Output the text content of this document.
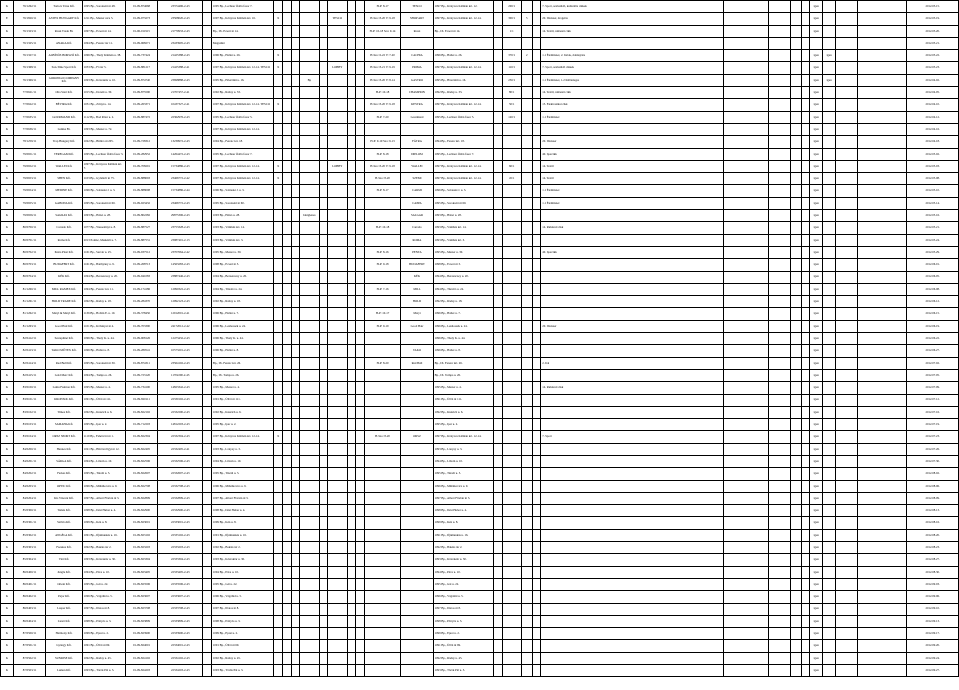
K	76/1262/11	Tom és Társa Kft.	1095 Bp., Soroksári út 48.	01-09-874668	23374496-2-43		1095 Bp., Lechner Ödön fasor 7.									H-P: 8-17	TESCO	1097 Bp., Könyves Kálmán krt. 12.		200/1			7. Sport, szabadidő, kulturális cikkek					igen				2012.03.15.
E	76/1820/11	ASTEX HUNGARY Kft.	1211 Bp., Mester utca 5.	01-09-973273	23508020-2-43		1097 Bp., Könyves Kálmán krt. 16.	X					TESCO			H-Szo: 8-20 V: 9-18	SHOP ART	1097 Bp., Könyves Kálmán krt. 12-14.		300/1	5		20. Illatszer, drogéria					igen				2012.03.19.
K	76/1323/11	Rossi Trade Bt.	1097 Bp., Ecseri út 14.	01-06-011915	21770933-2-43		Bp., IX. Ecseri út 14.									H-P: 10-18 Szo: 9-14	Rossi	Bp., IX. Ecseri út 14.		1/1			14. Textil, ruházati cikk					igen				2012.03.20.
K	76/1325/11	ANAKA Kft.	1094 Bp., Ferenc tér 11.	01-09-968271	23433905-2-43		Megszűnt																									2012.03.21.
K	76/1327/11	ALBÍNÓS BORSZÓ Kft.	1096 Bp., Thaly Kálmán u. 38.	01-09-737424	21425388-2-43		1096 Bp., Haller u. 26.	X								H-Szo: 6-22 V: 7-20	CACHIA	1096 Bp., Haller u. 26.		370/1	2		1.1 Élelmiszer, 2. Italok, dohányáru					igen	igen			2012.03.22.
K	76/1368/11	Sun-Time Sport Kft.	1033 Bp., Fő tér 5.	01-09-881217	21425388-2-41		1097 Bp., Könyves Kálmán krt. 12-14. TESCO	X					LOBBY			H-Szo: 8-21 V: 9-19	PRIMA	1097 Bp., Könyves Kálmán krt. 12-14.		110/1			7. Sport, szabadidő cikkek					igen				2012.03.23.
K	76/1369/11	GORONGO COMPANY Kft.	1093 Bp., Közraktár u. 10.	01-09-874740	23698888-2-43		1095 Bp., Hőerőmű u. 16.				Bp					H-Szo: 8-20 V: 8-14	GASTRO	1095 Bp., Hőerőmű u. 16.		250/1			1.1 Élelmiszer, 1.2 Különleges					igen	igen			2012.04.02.
K	77/0621/11	Oba Start Kft.	1015 Bp., Donáti u. 30.	01-09-875590	21707457-2-41		1092 Bp., Ráday u. 33.									H-P: 10-18	CHAMPION	1092 Bp., Ráday u. 33.		80/1			14. Textil, ruházati cikk					igen				2012.04.05.
K	77/0622/11	BÉVIRA Kft.	1051 Bp., Zrínyi u. 14.	01-09-263371	10437327-2-41		1097 Bp., Könyves Kálmán krt. 12-14. TESCO	X								H-Szo: 8-20 V: 9-18	KESTRA	1097 Bp., Könyves Kálmán krt. 12-14.		50/1			15. Elektronikai cikk					igen				2012.04.10.
K	77/0635/11	GOURMAND Kft.	1112 Bp., Bod Péter u. 2.	01-09-887472	22362976-2-43		1095 Bp., Lechner Ödön fasor 5.									H-P: 7-20	Gourmand	1095 Bp., Lechner Ödön fasor 5.		120/1			1.1 Élelmiszer					igen				2012.04.12.
K	77/0636/11	Lumka Bt.	1093 Bp., Mester u. 72.				1097 Bp., Könyves Kálmán krt. 12-14.																					igen				2012.04.16.
K	78/1259/11	Trap Hungary Kft.	1022 Bp., Bimbó út 205.	01-09-728312	13239972-2-43		1094 Bp., Ferenc krt. 18.									H-P: 9-19 Szo: 9-13	FÁTRA	1094 Bp., Ferenc krt. 18.					20. Illatszer					igen				2012.04.18.
K	79/0651/11	TEREGAM Kft.	1095 Bp., Lechner Ödön fasor 3.	01-09-282952	14264472-2-43		1095 Bp., Lechner Ödön fasor 7.									H-P: 8-18	DIPLOM	1095 Bp., Lechner Ödön fasor 7.					40. Iparcikk					igen				2012.05.02.
K	79/0652/11	WALLEI Kft.	1097 Bp., Könyves Kálmán krt. 7.	01-09-708291	15734886-2-43		1097 Bp., Könyves Kálmán krt. 12-14.	X					LOBBY			H-Szo: 8-20 V: 9-18	WALLEI	1097 Bp., Könyves Kálmán krt. 12-14.		60/1			14. Textil					igen				2012.05.03.
K	79/0653/11	SHEN Kft.	1103 Bp., Gyömrői út 75.	01-09-888093	23466772-2-42		1097 Bp., Könyves Kálmán krt. 12-14.	X								H-Szo: 8-20	SZEMI	1097 Bp., Könyves Kálmán krt. 12-14.		45/1			14. Textil					igen				2012.05.08.
K	79/0654/11	MEDINE Kft.	1096 Bp., Sobieski J. u. 3.	01-09-888098	15734886-2-44		1096 Bp., Sobieski J. u. 3.									H-P: 8-17	CARMI	1096 Bp., Sobieski J. u. 3.					1.1 Élelmiszer					igen				2012.05.10.
K	79/0655/11	GABONA Kft.	1095 Bp., Soroksári út 60.	01-09-923432	23466772-2-43		1095 Bp., Soroksári út 60.										CAPPA	1095 Bp., Soroksári út 60.					1.1 Élelmiszer					igen				2012.05.14.
K	79/0656/11	SAGRAS Kft.	1093 Bp., Hátsó u. 28.	01-09-802282	29875306-2-43		1093 Bp., Hátsó u. 28.				Ideiglenes						SALGAR	1093 Bp., Hátsó u. 28.										igen				2012.05.16.
K	80/0700/11	Carrado Kft.	1077 Bp., Wesselényi u. 8.	01-09-887527	23753328-2-43		1093 Bp., Vámház krt. 14.									H-P: 10-18	Carrado	1093 Bp., Vámház krt. 14.					14. Ruházati cikk					igen				2012.05.21.
K	80/0701/11	Roma Kft.	2013 Pomáz, Muskátli u. 7.	01-09-887531	23987401-2-13		1093 Bp., Vámház krt. 3.										ROMA	1093 Bp., Vámház krt. 3.										igen				2012.05.24.
K	80/0702/11	Penta Plast Kft.	1161 Bp., Sasvár u. 25.	01-09-937512	23707664-2-42		1095 Bp., Mester u. 30.									H-P: 8-16	PENTA	1095 Bp., Mester u. 30.					40. Iparcikk					igen				2012.05.29.
K	80/0703/11	BUDAFERT Kft.	1161 Bp., Batthyány u. 9.	01-09-268713	14563283-2-43		1098 Bp., Ecseri út 3.									H-P: 9-18	BUDAFERT	1098 Bp., Ecseri út 3.										igen				2012.06.01.
K	80/0704/11	KÉK Kft.	1094 Bp., Berzenczey u. 20.	01-09-941083	23887446-2-43		1094 Bp., Berzenczey u. 20.										KÉK	1094 Bp., Berzenczey u. 20.										igen				2012.06.05.
K	81/1260/11	MILL RAMEX Kft.	1094 Bp., Ferenc krt. 11.	01-09-174186	12990322-2-43		1094 Bp., Tűzoltó u. 24.									H-P: 7-16	MILL	1094 Bp., Tűzoltó u. 24.										igen				2012.06.08.
K	81/1261/11	HOLD TRADE Kft.	1092 Bp., Ráday u. 18.	01-09-284370	12992123-2-43		1092 Bp., Ráday u. 18.										HOLD	1092 Bp., Ráday u. 18.										igen				2012.06.12.
K	81/1262/11	Matyi & Matyi Kft.	1136 Bp., Hollán E. u. 10.	01-09-378450	12912001-2-41		1096 Bp., Haller u. 7.									H-P: 10-17	Matyi	1096 Bp., Haller u. 7.										igen				2012.06.15.
K	81/1263/11	Good Hair Kft.	1101 Bp., Kőbányai út 4.	01-09-703390	24172012-2-42		1096 Bp., Lenhossék u. 24.									H-P: 9-19	Good Hair	1096 Bp., Lenhossék u. 24.					20. Illatszer					igen				2012.06.19.
K	82/0412/11	Szeraphiné Kft.	1096 Bp., Thaly K. u. 44.	01-09-908126	12473432-2-43		1096 Bp., Thaly K. u. 44.											1096 Bp., Thaly K. u. 44.										igen				2012.06.22.
K	82/0413/11	TAKO MŰTEX Kft.	1096 Bp., Haller u. 8.	01-09-280541	10573201-2-43		1096 Bp., Haller u. 8.										TAKO	1096 Bp., Haller u. 8.										igen				2012.06.27.
K	82/0414/11	Red Bull Kft.	1095 Bp., Soroksári út 30.	01-09-874311	23564102-2-43		Bp., IX. Ferenc krt. 26.									H-P: 8-20	Red Bull	Bp., IX. Ferenc krt. 26.					2. Ital					igen				2012.07.02.
K	82/0415/11	Gold Merc Kft.	1094 Bp., Tompa u. 26.	01-09-723120	11702200-2-43		Bp., IX. Tompa u. 26.											Bp., IX. Tompa u. 26.										igen				2012.07.05.
K	83/0100/11	Lamu Fashion Kft.	1095 Bp., Mester u. 4.	01-09-734100	14823342-2-43		1095 Bp., Mester u. 4.											1095 Bp., Mester u. 4.					14. Ruházati cikk					igen				2012.07.09.
K	83/0101/11	KRONSOL Kft.	1091 Bp., Üllői út 111.	01-09-820111	22330102-2-43		1091 Bp., Üllői út 111.											1091 Bp., Üllői út 111.										igen				2012.07.12.
K	83/0102/11	Tímea Kft.	1092 Bp., Knézich u. 6.	01-09-822102	22332200-2-43		1092 Bp., Knézich u. 6.											1092 Bp., Knézich u. 6.										igen				2012.07.16.
K	83/0103/11	SAMAHA Kft.	1095 Bp., Ipar u. 2.	01-09-712203	14812203-2-43		1095 Bp., Ipar u. 2.											1095 Bp., Ipar u. 2.										igen				2012.07.19.
K	83/0104/11	ORSZ SPORT Kft.	1119 Bp., Fehérvári út 1.	01-09-822304	22332304-2-43		1097 Bp., Könyves Kálmán krt. 12-14.	X								H-Szo: 8-20	ORSZ	1097 Bp., Könyves Kálmán krt. 12-14.					7. Sport					igen				2012.07.23.
K	84/0200/11	Hannes Kft.	1021 Bp., Hűvösvölgyi út 12.	01-09-822405	22332405-2-41		1093 Bp., Lónyay u. 3.											1093 Bp., Lónyay u. 3.										igen				2012.07.26.
K	84/0201/11	SÁRGA Kft.	1094 Bp., Liliom u. 10.	01-09-822506	22332506-2-43		1094 Bp., Liliom u. 10.											1094 Bp., Liliom u. 10.										igen				2012.07.30.
K	84/0202/11	Farkas Kft.	1095 Bp., Tinódi u. 5.	01-09-822607	22332607-2-43		1095 Bp., Tinódi u. 5.											1095 Bp., Tinódi u. 5.										igen				2012.08.02.
K	84/0203/11	OPTIC Kft.	1096 Bp., Mihálkovics u. 9.	01-09-822708	22332708-2-43		1096 Bp., Mihálkovics u. 9.											1096 Bp., Mihálkovics u. 9.										igen				2012.08.06.
K	84/0204/11	Kis Vincent Kft.	1097 Bp., Albert Flórián út 3.	01-09-822809	22332809-2-43		1097 Bp., Albert Flórián út 3.											1097 Bp., Albert Flórián út 3.										igen				2012.08.09.
K	85/0300/11	Tamás Kft.	1098 Bp., Dési Huber u. 4.	01-09-822900	22332900-2-43		1098 Bp., Dési Huber u. 4.											1098 Bp., Dési Huber u. 4.										igen				2012.08.13.
K	85/0301/11	Szilvia Kft.	1099 Bp., Kén u. 8.	01-09-823001	22333001-2-43		1099 Bp., Kén u. 8.											1099 Bp., Kén u. 8.										igen				2012.08.16.
K	85/0302/11	ANGÉLA Kft.	1091 Bp., Ifjúmunkás u. 16.	01-09-823102	22333102-2-43		1091 Bp., Ifjúmunkás u. 16.											1091 Bp., Ifjúmunkás u. 16.										igen				2012.08.20.
K	85/0303/11	Fazekas Kft.	1092 Bp., Bakáts tér 2.	01-09-823203	22333203-2-43		1092 Bp., Bakáts tér 2.											1092 Bp., Bakáts tér 2.										igen				2012.08.23.
K	85/0304/11	Vizi Kft.	1093 Bp., Közraktár u. 30.	01-09-823304	22333304-2-43		1093 Bp., Közraktár u. 30.											1093 Bp., Közraktár u. 30.										igen				2012.08.27.
K	86/0400/11	Jungle Kft.	1094 Bp., Páva u. 10.	01-09-823405	22333405-2-43		1094 Bp., Páva u. 10.											1094 Bp., Páva u. 10.										igen				2012.08.30.
K	86/0401/11	Orient Kft.	1095 Bp., Gát u. 22.	01-09-823506	22333506-2-43		1095 Bp., Gát u. 22.											1095 Bp., Gát u. 22.										igen				2012.09.03.
K	86/0402/11	Pajor Kft.	1096 Bp., Vágóhíd u. 5.	01-09-823607	22333607-2-43		1096 Bp., Vágóhíd u. 5.											1096 Bp., Vágóhíd u. 5.										igen				2012.09.06.
K	86/0403/11	Lasper Kft.	1097 Bp., Illatos út 8.	01-09-823708	22333708-2-43		1097 Bp., Illatos út 8.											1097 Bp., Illatos út 8.										igen				2012.09.10.
K	86/0404/11	Lizett Kft.	1098 Bp., Pöttyös u. 3.	01-09-823809	22333809-2-43		1098 Bp., Pöttyös u. 3.											1098 Bp., Pöttyös u. 3.										igen				2012.09.13.
K	87/0500/11	Harmony Kft.	1099 Bp., Epret u. 2.	01-09-823900	22333900-2-43		1099 Bp., Epret u. 2.											1099 Bp., Epret u. 2.										igen				2012.09.17.
K	87/0501/11	Gyöngy Kft.	1091 Bp., Üllői út 69.	01-09-824001	22334001-2-43		1091 Bp., Üllői út 69.											1091 Bp., Üllői út 69.										igen				2012.09.20.
K	87/0502/11	SUNRISE Kft.	1092 Bp., Ráday u. 45.	01-09-824102	22334102-2-43		1092 Bp., Ráday u. 45.											1092 Bp., Ráday u. 45.										igen				2012.09.24.
K	87/0503/11	Lumen Kft.	1093 Bp., Török Pál u. 3.	01-09-824203	22334203-2-43		1093 Bp., Török Pál u. 3.											1093 Bp., Török Pál u. 3.										igen				2012.09.27.
